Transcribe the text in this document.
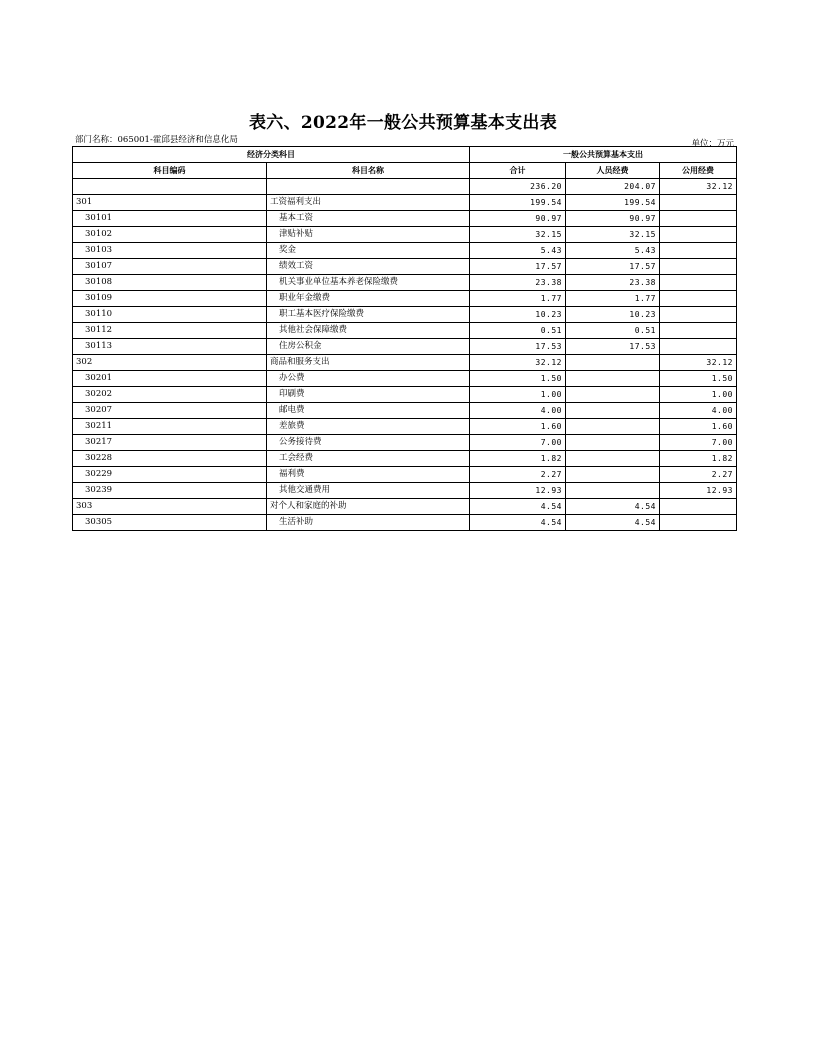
表六、2022年一般公共预算基本支出表
部门名称：065001-霍邱县经济和信息化局	单位：万元
经济分类科目		一般公共预算基本支出		
科目编码	科目名称	合计	人员经费	公用经费
		236.20	204.07	32.12
301	工资福利支出	199.54	199.54	
30101	基本工资	90.97	90.97	
30102	津贴补贴	32.15	32.15	
30103	奖金	5.43	5.43	
30107	绩效工资	17.57	17.57	
30108	机关事业单位基本养老保险缴费	23.38	23.38	
30109	职业年金缴费	1.77	1.77	
30110	职工基本医疗保险缴费	10.23	10.23	
30112	其他社会保障缴费	0.51	0.51	
30113	住房公积金	17.53	17.53	
302	商品和服务支出	32.12		32.12
30201	办公费	1.50		1.50
30202	印刷费	1.00		1.00
30207	邮电费	4.00		4.00
30211	差旅费	1.60		1.60
30217	公务接待费	7.00		7.00
30228	工会经费	1.82		1.82
30229	福利费	2.27		2.27
30239	其他交通费用	12.93		12.93
303	对个人和家庭的补助	4.54	4.54	
30305	生活补助	4.54	4.54	
